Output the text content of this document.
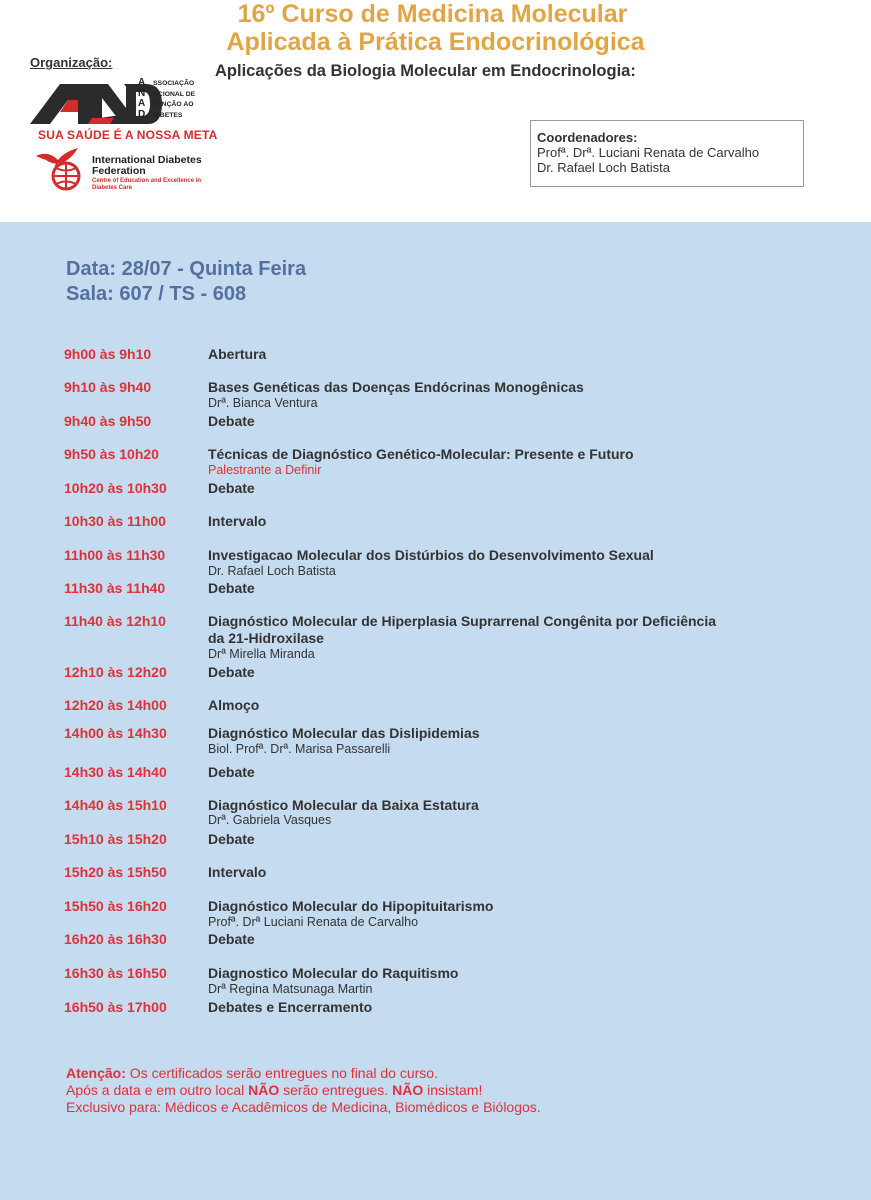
16º Curso de Medicina Molecular
Aplicada à Prática Endocrinológica
Aplicações da Biologia Molecular em Endocrinologia:
Organização:
A
N
A
D
SSOCIAÇÃO
ACIONAL DE
TENÇÃO AO
IABETES
SUA SAÚDE É A NOSSA META
International Diabetes Federation
Centre of Education and Excellence in Diabetes Care
Coordenadores:
Profª. Drª. Luciani Renata de Carvalho
Dr. Rafael Loch Batista
Data: 28/07 - Quinta Feira
Sala: 607 / TS - 608
9h00 às 9h10	Abertura
9h10 às 9h40	Bases Genéticas das Doenças Endócrinas Monogênicas
Drª. Bianca Ventura
9h40 às 9h50	Debate
9h50 às 10h20	Técnicas de Diagnóstico Genético-Molecular: Presente e Futuro
Palestrante a Definir
10h20 às 10h30	Debate
10h30 às 11h00	Intervalo
11h00 às 11h30	Investigacao Molecular dos Distúrbios do Desenvolvimento Sexual
Dr. Rafael Loch Batista
11h30 às 11h40	Debate
11h40 às 12h10	Diagnóstico Molecular de Hiperplasia Suprarrenal Congênita por Deficiência
da 21-Hidroxilase
Drª Mirella Miranda
12h10 às 12h20	Debate
12h20 às 14h00	Almoço
14h00 às 14h30	Diagnóstico Molecular das Dislipidemias
Biol. Profª. Drª. Marisa Passarelli
14h30 às 14h40	Debate
14h40 às 15h10	Diagnóstico Molecular da Baixa Estatura
Drª. Gabriela Vasques
15h10 às 15h20	Debate
15h20 às 15h50	Intervalo
15h50 às 16h20	Diagnóstico Molecular do Hipopituitarismo
Profª. Drª Luciani Renata de Carvalho
16h20 às 16h30	Debate
16h30 às 16h50	Diagnostico Molecular do Raquitismo
Drª Regina Matsunaga Martin
16h50 às 17h00	Debates e Encerramento
Atenção: Os certificados serão entregues no final do curso.
Após a data e em outro local NÃO serão entregues. NÃO insistam!
Exclusivo para: Médicos e Acadêmicos de Medicina, Biomédicos e Biólogos.
